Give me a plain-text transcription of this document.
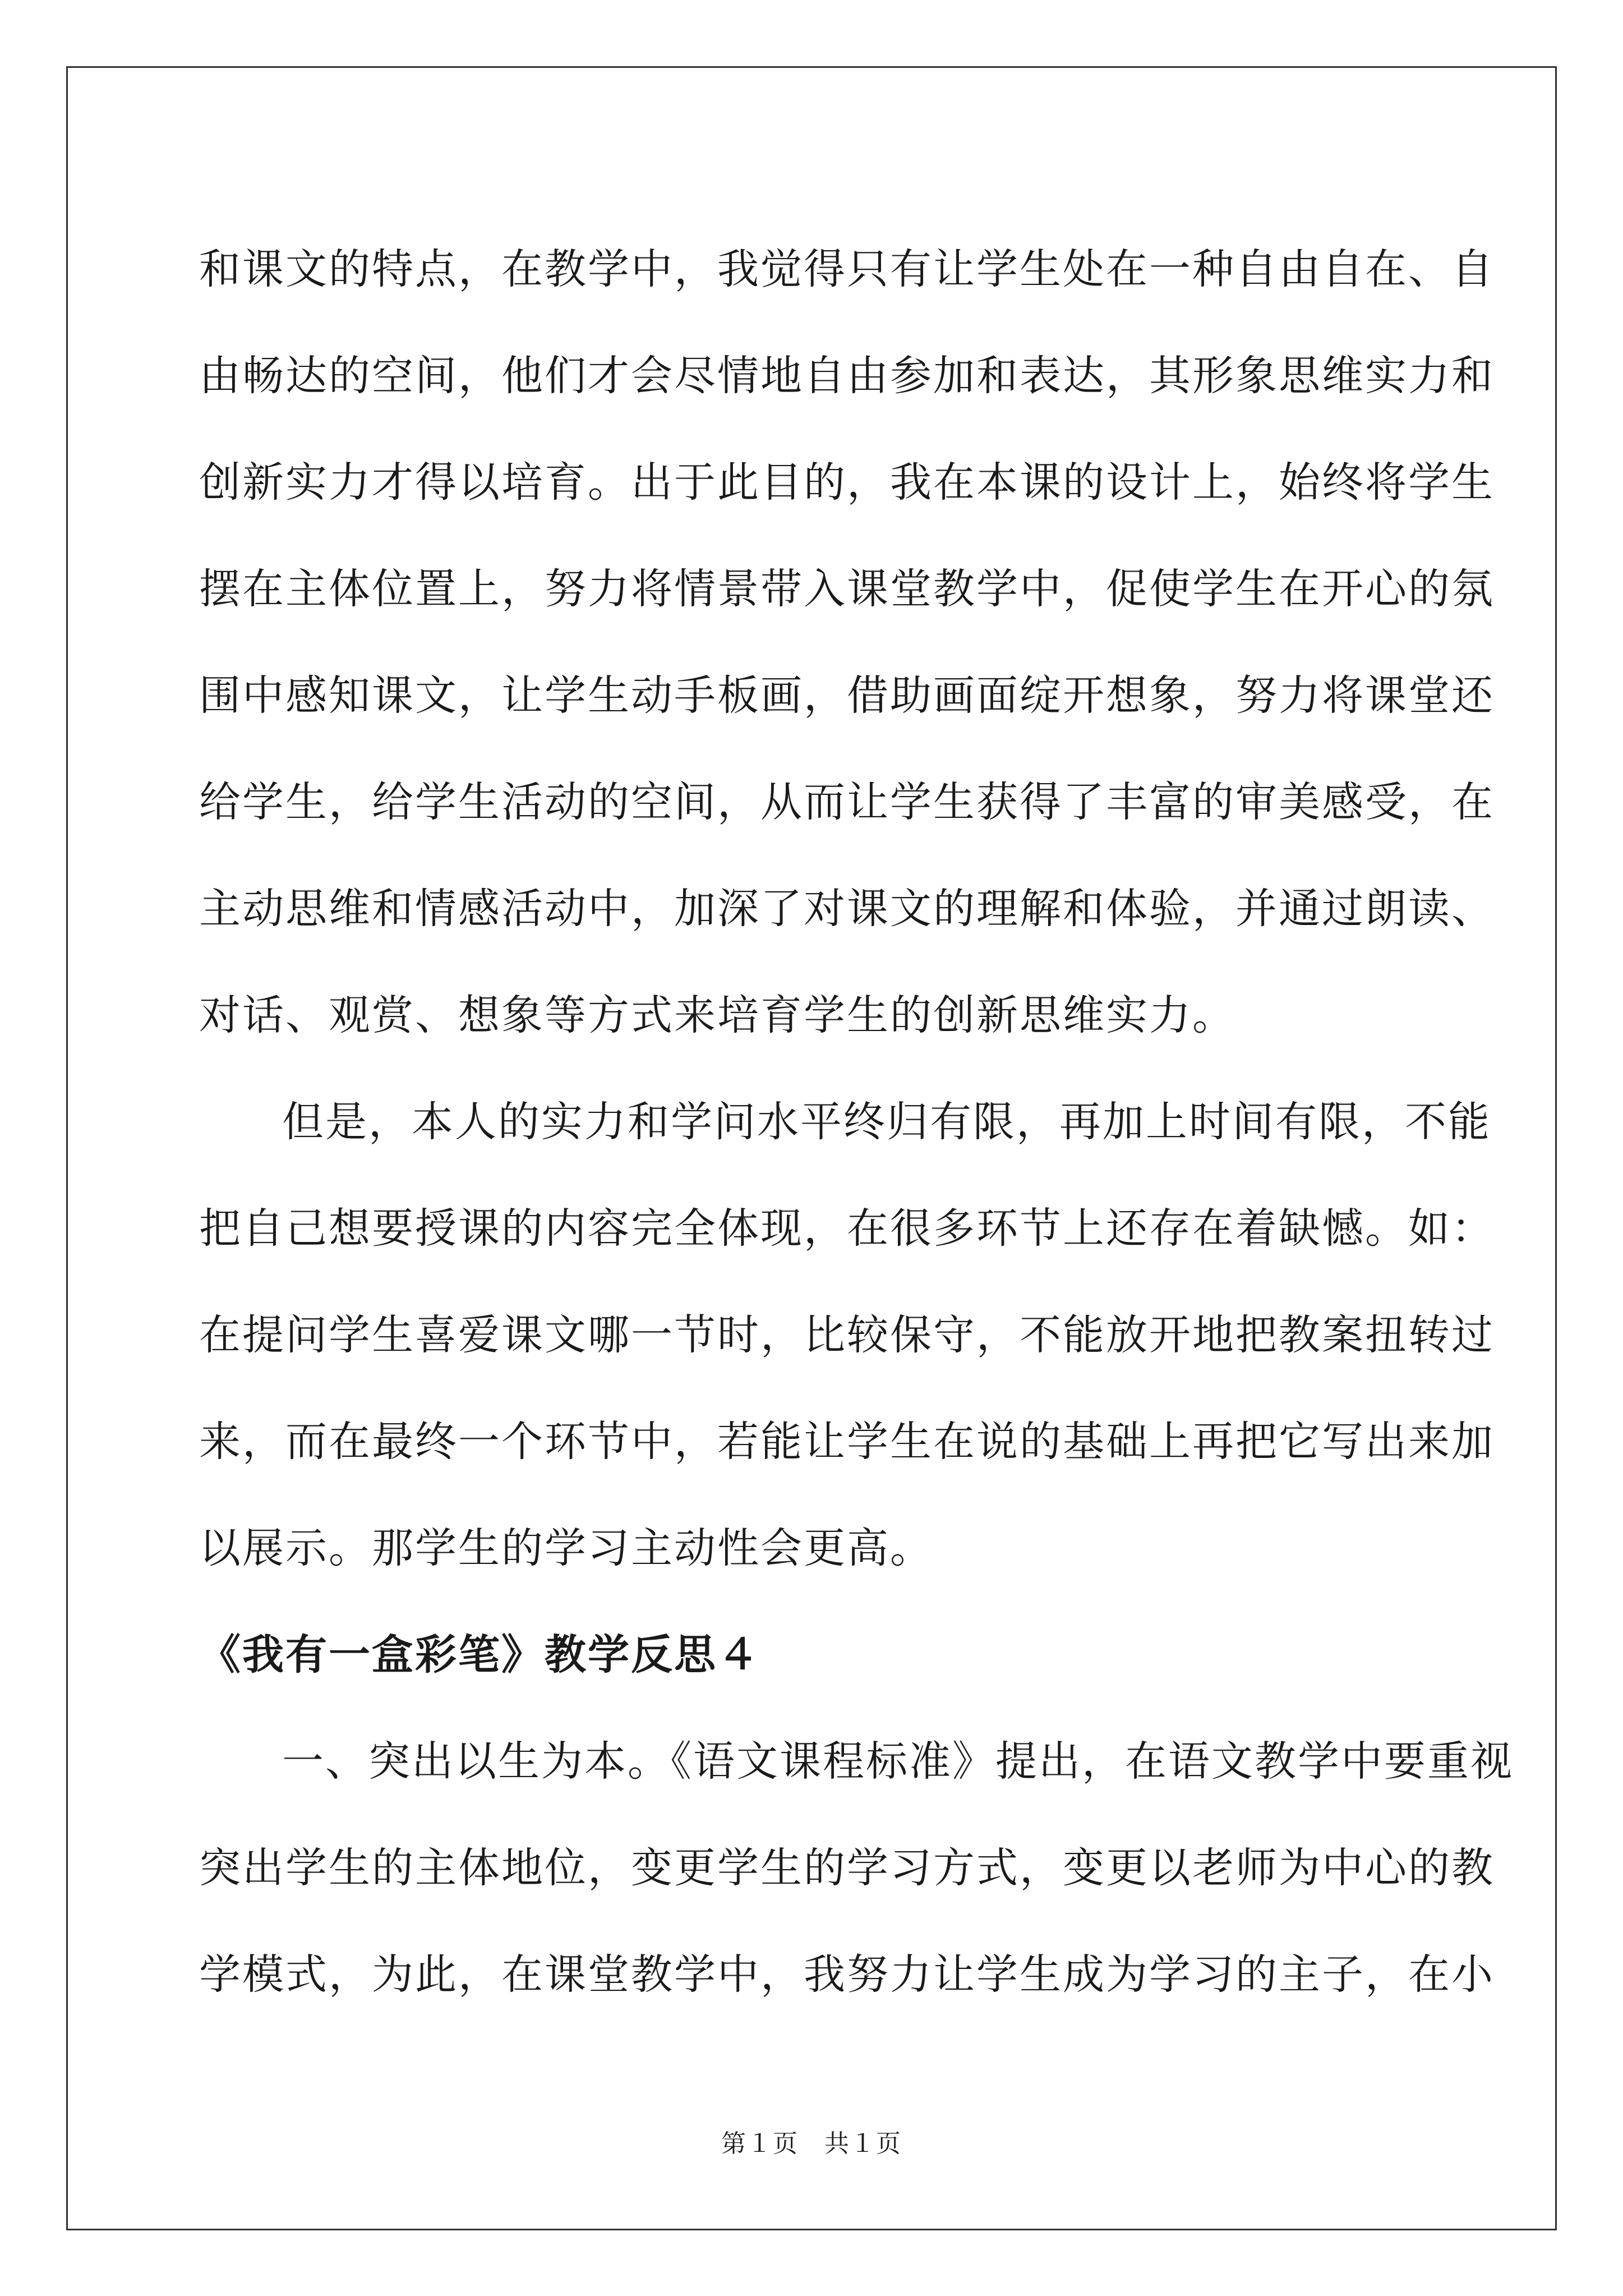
和课文的特点，在教学中，我觉得只有让学生处在一种自由自在、自
由畅达的空间，他们才会尽情地自由参加和表达，其形象思维实力和
创新实力才得以培育。出于此目的，我在本课的设计上，始终将学生
摆在主体位置上，努力将情景带入课堂教学中，促使学生在开心的氛
围中感知课文，让学生动手板画，借助画面绽开想象，努力将课堂还
给学生，给学生活动的空间，从而让学生获得了丰富的审美感受，在
主动思维和情感活动中，加深了对课文的理解和体验，并通过朗读、
对话、观赏、想象等方式来培育学生的创新思维实力。

但是，本人的实力和学问水平终归有限，再加上时间有限，不能
把自己想要授课的内容完全体现，在很多环节上还存在着缺憾。如：
在提问学生喜爱课文哪一节时，比较保守，不能放开地把教案扭转过
来，而在最终一个环节中，若能让学生在说的基础上再把它写出来加
以展示。那学生的学习主动性会更高。

《我有一盒彩笔》教学反思４

一、突出以生为本。《语文课程标准》提出，在语文教学中要重视
突出学生的主体地位，变更学生的学习方式，变更以老师为中心的教
学模式，为此，在课堂教学中，我努力让学生成为学习的主子，在小

第１页　共１页
